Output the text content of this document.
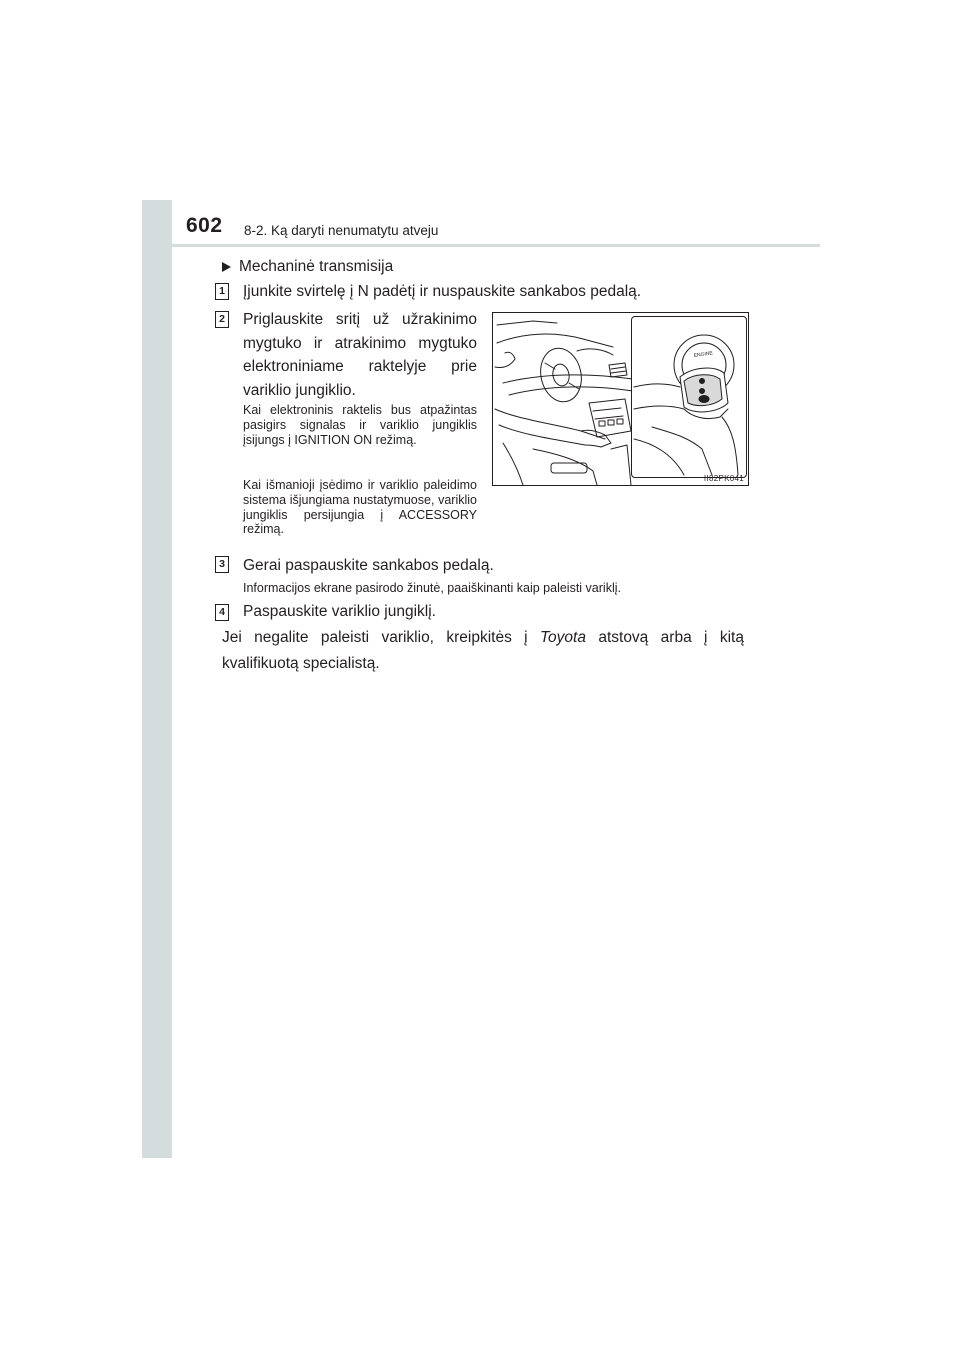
602 8-2. Ką daryti nenumatytu atveju
Mechaninė transmisija
1 Įjunkite svirtelę į N padėtį ir nuspauskite sankabos pedalą.
2 Priglauskite sritį už užrakinimo mygtuko ir atrakinimo mygtuko elektroniniame raktelyje prie variklio jungiklio.
Kai elektroninis raktelis bus atpažintas pasigirs signalas ir variklio jungiklis įsijungs į IGNITION ON režimą.
Kai išmanioji įsėdimo ir variklio paleidimo sistema išjungiama nustatymuose, variklio jungiklis persijungia į ACCESSORY režimą.
ENGINE
II82PK041
3 Gerai paspauskite sankabos pedalą.
Informacijos ekrane pasirodo žinutė, paaiškinanti kaip paleisti variklį.
4 Paspauskite variklio jungiklį.
Jei negalite paleisti variklio, kreipkitės į Toyota atstovą arba į kitą kvalifikuotą specialistą.
